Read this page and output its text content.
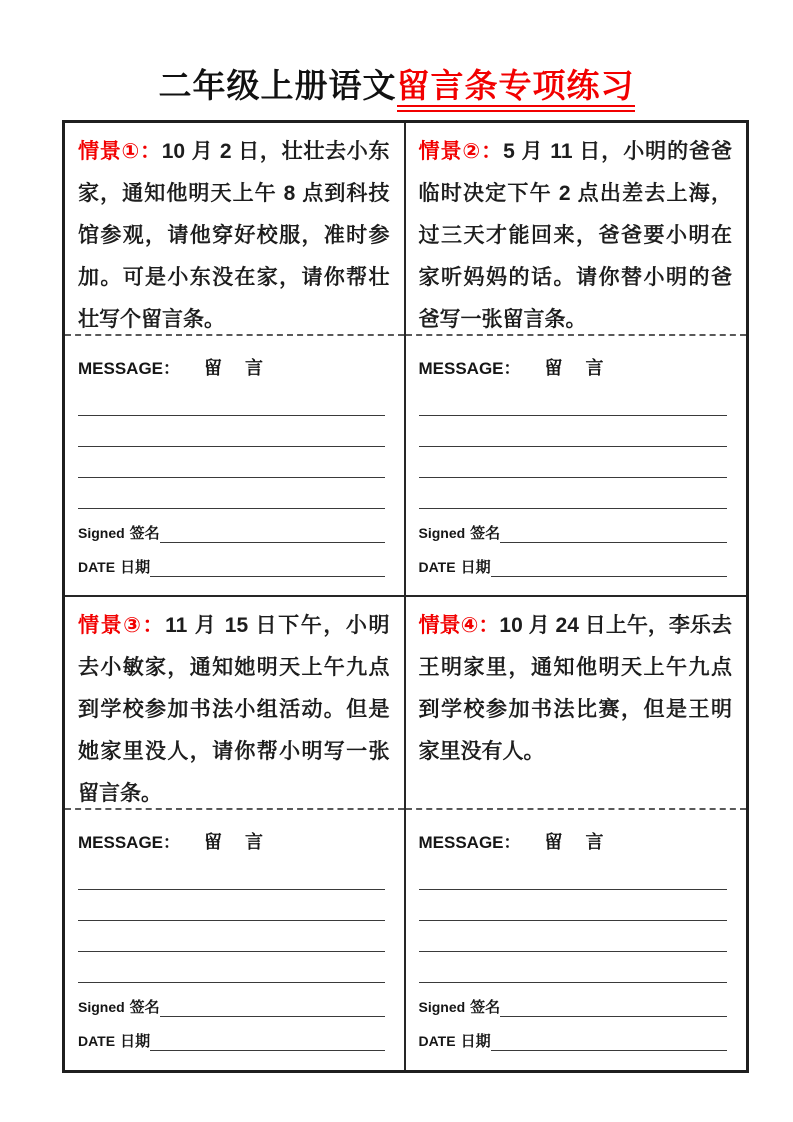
二年级上册语文留言条专项练习

情景①：10 月 2 日，壮壮去小东家，通知他明天上午 8 点到科技馆参观，请他穿好校服，准时参加。可是小东没在家，请你帮壮壮写个留言条。

MESSAGE： 留 言
Signed 签名
DATE 日期

情景②：5 月 11 日，小明的爸爸临时决定下午 2 点出差去上海，过三天才能回来，爸爸要小明在家听妈妈的话。请你替小明的爸爸写一张留言条。

MESSAGE： 留 言
Signed 签名
DATE 日期

情景③：11 月 15 日下午，小明去小敏家，通知她明天上午九点到学校参加书法小组活动。但是她家里没人，请你帮小明写一张留言条。

MESSAGE： 留 言
Signed 签名
DATE 日期

情景④：10 月 24 日上午，李乐去王明家里，通知他明天上午九点到学校参加书法比赛，但是王明家里没有人。

MESSAGE： 留 言
Signed 签名
DATE 日期
